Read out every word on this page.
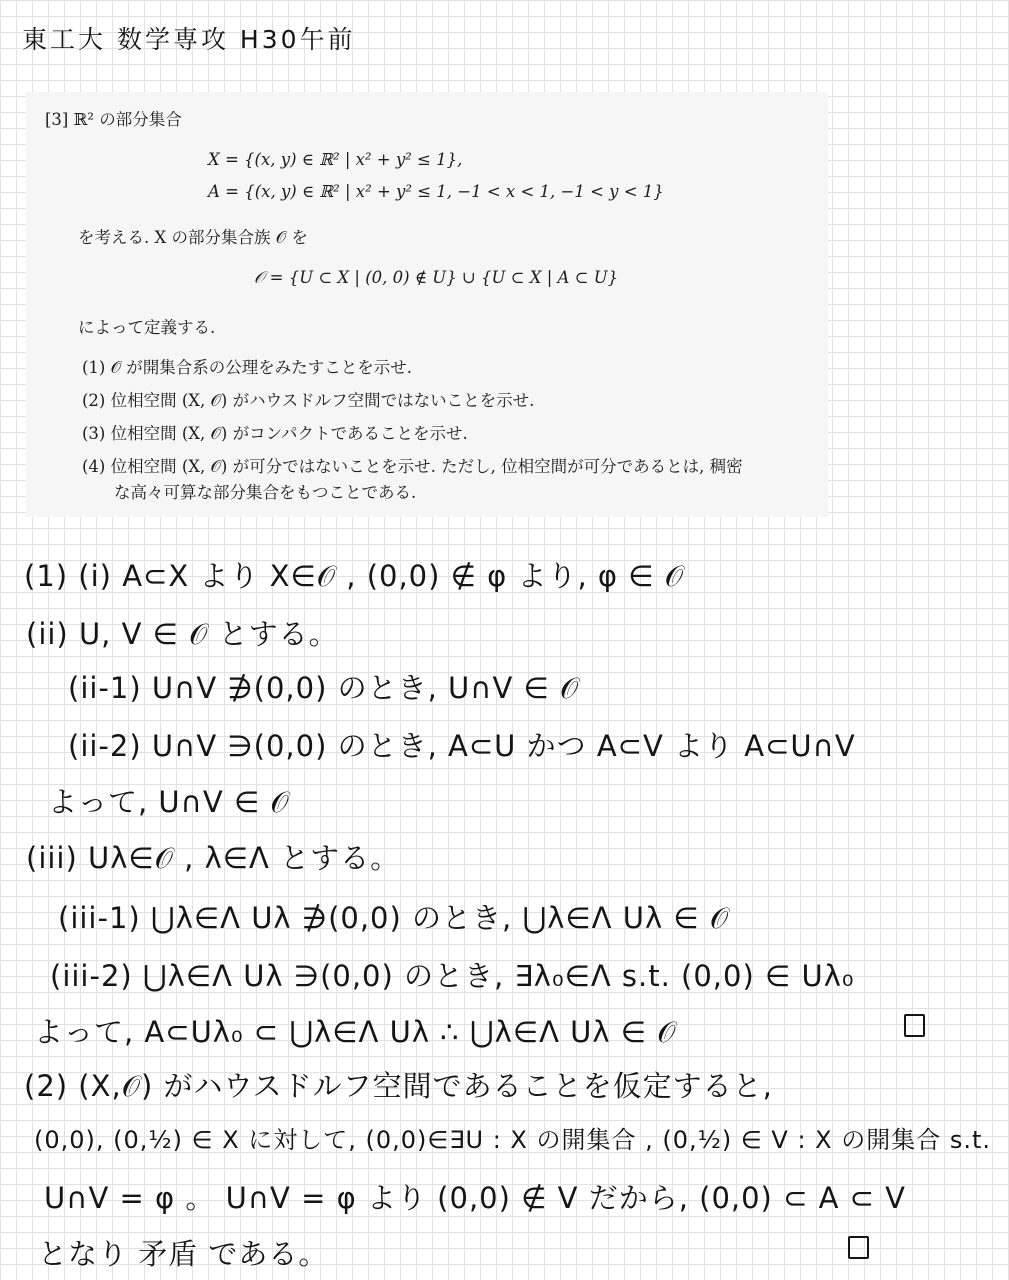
東工大 数学専攻 H30午前
[3] ℝ² の部分集合
X = {(x, y) ∈ ℝ² | x² + y² ≤ 1},
A = {(x, y) ∈ ℝ² | x² + y² ≤ 1, −1 < x < 1, −1 < y < 1}
を考える. X の部分集合族 𝒪 を
𝒪 = {U ⊂ X | (0, 0) ∉ U} ∪ {U ⊂ X | A ⊂ U}
によって定義する.
(1) 𝒪 が開集合系の公理をみたすことを示せ.
(2) 位相空間 (X, 𝒪) がハウスドルフ空間ではないことを示せ.
(3) 位相空間 (X, 𝒪) がコンパクトであることを示せ.
(4) 位相空間 (X, 𝒪) が可分ではないことを示せ. ただし, 位相空間が可分であるとは, 稠密
な高々可算な部分集合をもつことである.
(1) (i) A⊂X より X∈𝒪 , (0,0) ∉ φ より, φ ∈ 𝒪
(ii) U, V ∈ 𝒪 とする。
(ii-1) U∩V ∌(0,0) のとき, U∩V ∈ 𝒪
(ii-2) U∩V ∋(0,0) のとき, A⊂U かつ A⊂V より A⊂U∩V
よって, U∩V ∈ 𝒪
(iii) Uλ∈𝒪 , λ∈Λ とする。
(iii-1) ⋃λ∈Λ Uλ ∌(0,0) のとき, ⋃λ∈Λ Uλ ∈ 𝒪
(iii-2) ⋃λ∈Λ Uλ ∋(0,0) のとき, ∃λ₀∈Λ s.t. (0,0) ∈ Uλ₀
よって, A⊂Uλ₀ ⊂ ⋃λ∈Λ Uλ ∴ ⋃λ∈Λ Uλ ∈ 𝒪
(2) (X,𝒪) がハウスドルフ空間であることを仮定すると,
(0,0), (0,½) ∈ X に対して, (0,0)∈∃U : X の開集合 , (0,½) ∈ V : X の開集合 s.t.
U∩V = φ 。 U∩V = φ より (0,0) ∉ V だから, (0,0) ⊂ A ⊂ V
となり 矛盾 である。
